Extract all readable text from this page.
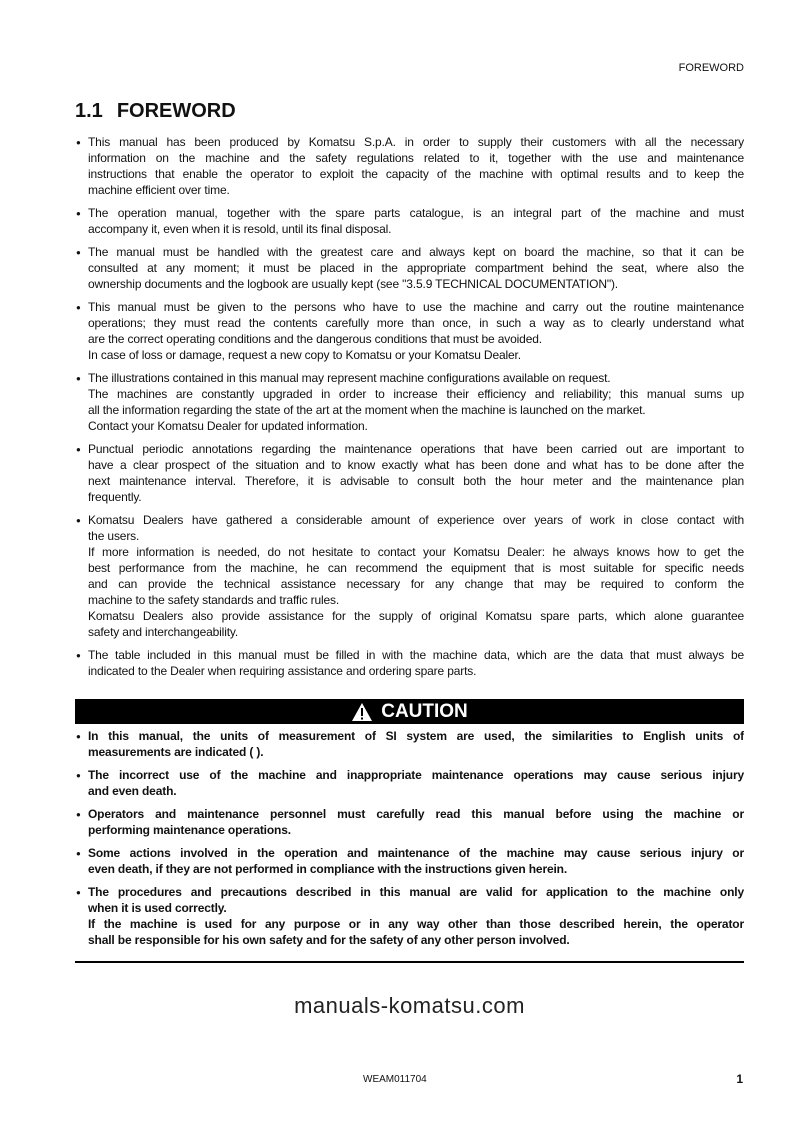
FOREWORD
1.1 FOREWORD
● This manual has been produced by Komatsu S.p.A. in order to supply their customers with all the necessary
information on the machine and the safety regulations related to it, together with the use and maintenance
instructions that enable the operator to exploit the capacity of the machine with optimal results and to keep the
machine efficient over time.
● The operation manual, together with the spare parts catalogue, is an integral part of the machine and must
accompany it, even when it is resold, until its final disposal.
● The manual must be handled with the greatest care and always kept on board the machine, so that it can be
consulted at any moment; it must be placed in the appropriate compartment behind the seat, where also the
ownership documents and the logbook are usually kept (see "3.5.9 TECHNICAL DOCUMENTATION").
● This manual must be given to the persons who have to use the machine and carry out the routine maintenance
operations; they must read the contents carefully more than once, in such a way as to clearly understand what
are the correct operating conditions and the dangerous conditions that must be avoided.
In case of loss or damage, request a new copy to Komatsu or your Komatsu Dealer.
● The illustrations contained in this manual may represent machine configurations available on request.
The machines are constantly upgraded in order to increase their efficiency and reliability; this manual sums up
all the information regarding the state of the art at the moment when the machine is launched on the market.
Contact your Komatsu Dealer for updated information.
● Punctual periodic annotations regarding the maintenance operations that have been carried out are important to
have a clear prospect of the situation and to know exactly what has been done and what has to be done after the
next maintenance interval. Therefore, it is advisable to consult both the hour meter and the maintenance plan
frequently.
● Komatsu Dealers have gathered a considerable amount of experience over years of work in close contact with
the users.
If more information is needed, do not hesitate to contact your Komatsu Dealer: he always knows how to get the
best performance from the machine, he can recommend the equipment that is most suitable for specific needs
and can provide the technical assistance necessary for any change that may be required to conform the
machine to the safety standards and traffic rules.
Komatsu Dealers also provide assistance for the supply of original Komatsu spare parts, which alone guarantee
safety and interchangeability.
● The table included in this manual must be filled in with the machine data, which are the data that must always be
indicated to the Dealer when requiring assistance and ordering spare parts.
CAUTION
● In this manual, the units of measurement of SI system are used, the similarities to English units of
measurements are indicated ( ).
● The incorrect use of the machine and inappropriate maintenance operations may cause serious injury
and even death.
● Operators and maintenance personnel must carefully read this manual before using the machine or
performing maintenance operations.
● Some actions involved in the operation and maintenance of the machine may cause serious injury or
even death, if they are not performed in compliance with the instructions given herein.
● The procedures and precautions described in this manual are valid for application to the machine only
when it is used correctly.
If the machine is used for any purpose or in any way other than those described herein, the operator
shall be responsible for his own safety and for the safety of any other person involved.
manuals-komatsu.com
WEAM011704	1
